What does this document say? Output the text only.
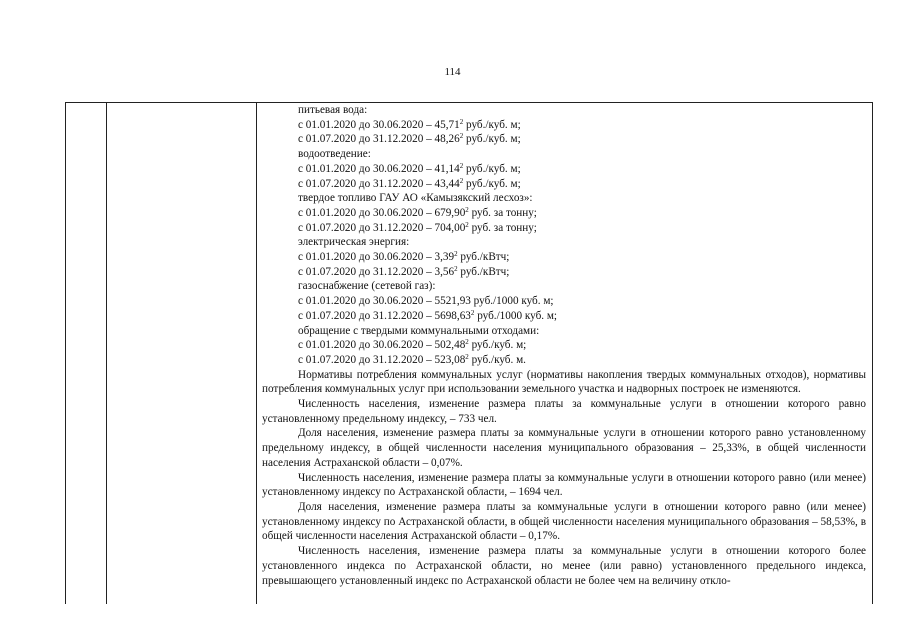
114
питьевая вода:
с 01.01.2020 до 30.06.2020 – 45,71$^2$ руб./куб. м;
с 01.07.2020 до 31.12.2020 – 48,26$^2$ руб./куб. м;
водоотведение:
с 01.01.2020 до 30.06.2020 – 41,14$^2$ руб./куб. м;
с 01.07.2020 до 31.12.2020 – 43,44$^2$ руб./куб. м;
твердое топливо ГАУ АО «Камызякский лесхоз»:
с 01.01.2020 до 30.06.2020 – 679,90$^2$ руб. за тонну;
с 01.07.2020 до 31.12.2020 – 704,00$^2$ руб. за тонну;
электрическая энергия:
с 01.01.2020 до 30.06.2020 – 3,39$^2$ руб./кВтч;
с 01.07.2020 до 31.12.2020 – 3,56$^2$ руб./кВтч;
газоснабжение (сетевой газ):
с 01.01.2020 до 30.06.2020 – 5521,93 руб./1000 куб. м;
с 01.07.2020 до 31.12.2020 – 5698,63$^2$ руб./1000 куб. м;
обращение с твердыми коммунальными отходами:
с 01.01.2020 до 30.06.2020 – 502,48$^2$ руб./куб. м;
с 01.07.2020 до 31.12.2020 – 523,08$^2$ руб./куб. м.
Нормативы потребления коммунальных услуг (нормативы накопления твердых коммунальных отходов), нормативы потребления коммунальных услуг при использовании земельного участка и надворных построек не изменяются.
Численность населения, изменение размера платы за коммунальные услуги в отношении которого равно установленному предельному индексу, – 733 чел.
Доля населения, изменение размера платы за коммунальные услуги в отношении которого равно установленному предельному индексу, в общей численности населения муниципального образования – 25,33%, в общей численности населения Астраханской области – 0,07%.
Численность населения, изменение размера платы за коммунальные услуги в отношении которого равно (или менее) установленному индексу по Астраханской области, – 1694 чел.
Доля населения, изменение размера платы за коммунальные услуги в отношении которого равно (или менее) установленному индексу по Астраханской области, в общей численности населения муниципального образования – 58,53%, в общей численности населения Астраханской области – 0,17%.
Численность населения, изменение размера платы за коммунальные услуги в отношении которого более установленного индекса по Астраханской области, но менее (или равно) установленного предельного индекса, превышающего установленный индекс по Астраханской области не более чем на величину откло-
